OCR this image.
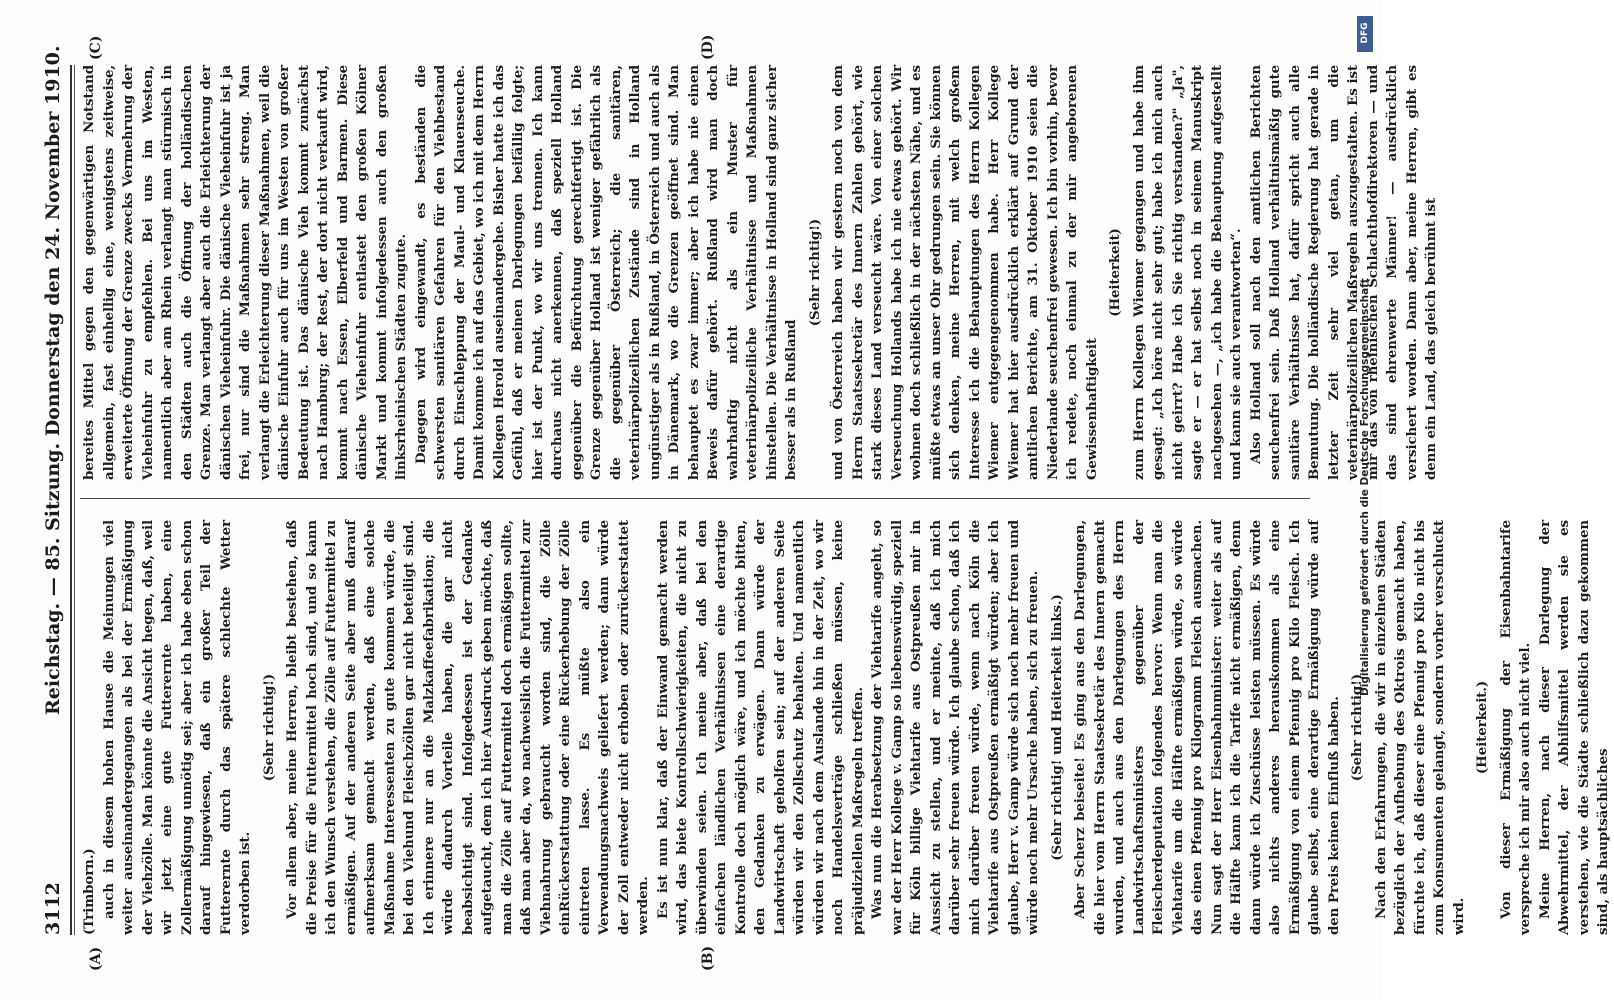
3112
Reichstag. — 85. Sitzung. Donnerstag den 24. November 1910.

(Trimborn.) auch in diesem hohen Hause die Meinungen viel weiter auseinandergegangen als bei der Ermäßigung der Viehzölle. Man könnte die Ansicht hegen, daß, weil wir jetzt eine gute Futterernte haben, eine Zollermäßigung unnötig sei; aber ich habe eben schon darauf hingewiesen, daß ein großer Teil der Futterernte durch das spätere schlechte Wetter verdorben ist.

(Sehr richtig!) Vor allem aber, meine Herren, bleibt bestehen, daß die Preise für die Futtermittel hoch sind, und so kann ich den Wunsch verstehen, die Zölle auf Futtermittel zu ermäßigen. Auf der anderen Seite aber muß darauf aufmerksam gemacht werden, daß eine solche Maßnahme Interessenten zu gute kommen würde, die bei den Viehund Fleischzöllen gar nicht beteiligt sind. Ich erinnere nur an die Malzkaffeefabrikation; die würde dadurch Vorteile haben, die gar nicht beabsichtigt sind. Infolgedessen ist der Gedanke aufgetaucht, dem ich hier Ausdruck geben möchte, daß man die Zölle auf Futtermittel doch ermäßigen sollte, daß man aber da, wo nachweislich die Futtermittel zur Viehnahrung gebraucht worden sind, die Zölle einRückerstattung oder eine Rückerhebung der Zölle eintreten lasse. Es müßte also ein Verwendungsnachweis geliefert werden; dann würde der Zoll entweder nicht erhoben oder zurückerstattet werden. Es ist nun klar, daß der Einwand gemacht werden wird, das biete Kontrollschwierigkeiten, die nicht zu überwinden seien. Ich meine aber, daß bei den einfachen ländlichen Verhältnissen eine derartige Kontrolle doch möglich wäre, und ich möchte bitten, den Gedanken zu erwägen. Dann würde der Landwirtschaft geholfen sein; auf der anderen Seite würden wir den Zollschutz behalten. Und namentlich würden wir nach dem Auslande hin in der Zeit, wo wir noch Handelsverträge schließen müssen, keine präjudiziellen Maßregeln treffen. Was nun die Herabsetzung der Viehtarife angeht, so war der Herr Kollege v. Gamp so liebenswürdig, speziell für Köln billige Viehtarife aus Ostpreußen mir in Aussicht zu stellen, und er meinte, daß ich mich darüber sehr freuen würde. Ich glaube schon, daß ich mich darüber freuen würde, wenn nach Köln die Viehtarife aus Ostpreußen ermäßigt würden; aber ich glaube, Herr v. Gamp würde sich noch mehr freuen und würde noch mehr Ursache haben, sich zu freuen. (Sehr richtig! und Heiterkeit links.) Aber Scherz beiseite! Es ging aus den Darlegungen, die hier vom Herrn Staatssekretär des Innern gemacht wurden, und auch aus den Darlegungen des Herrn Landwirtschaftsministers gegenüber der Fleischerdeputation folgendes hervor: Wenn man die Viehtarife um die Hälfte ermäßigen würde, so würde das einen Pfennig pro Kilogramm Fleisch ausmachen. Nun sagt der Herr Eisenbahnminister: weiter als auf die Hälfte kann ich die Tarife nicht ermäßigen, denn dann würde ich Zuschüsse leisten müssen. Es würde also nichts anderes herauskommen als eine Ermäßigung von einem Pfennig pro Kilo Fleisch. Ich glaube selbst, eine derartige Ermäßigung würde auf den Preis keinen Einfluß haben. (Sehr richtig!) Nach den Erfahrungen, die wir in einzelnen Städten bezüglich der Aufhebung des Oktrois gemacht haben, fürchte ich, daß dieser eine Pfennig pro Kilo nicht bis zum Konsumenten gelangt, sondern vorher verschluckt wird.

(Heiterkeit.) Von dieser Ermäßigung der Eisenbahntarife verspreche ich mir also auch nicht viel. Meine Herren, nach dieser Darlegung der Abwehrmittel, der Abhilfsmittel werden sie es verstehen, wie die Städte schließlich dazu gekommen sind, als hauptsächliches

bereites Mittel gegen den gegenwärtigen Notstand allgemein, fast einhellig eine, wenigstens zeitweise, erweiterte Öffnung der Grenze zwecks Vermehrung der Vieheinfuhr zu empfehlen. Bei uns im Westen, namentlich aber am Rhein verlangt man stürmisch in den Städten auch die Öffnung der holländischen Grenze. Man verlangt aber auch die Erleichterung der dänischen Vieheinfuhr. Die dänische Vieheinfuhr ist ja frei, nur sind die Maßnahmen sehr streng. Man verlangt die Erleichterung dieser Maßnahmen, weil die dänische Einfuhr auch für uns im Westen von großer Bedeutung ist. Das dänische Vieh kommt zunächst nach Hamburg; der Rest, der dort nicht verkauft wird, kommt nach Essen, Elberfeld und Barmen. Diese dänische Vieheinfuhr entlastet den großen Kölner Markt und kommt infolgedessen auch den großen linksrheinischen Städten zugute. Dagegen wird eingewandt, es beständen die schwersten sanitären Gefahren für den Viehbestand durch Einschleppung der Maul- und Klauenseuche. Damit komme ich auf das Gebiet, wo ich mit dem Herrn Kollegen Herold auseinandergehe. Bisher hatte ich das Gefühl, daß er meinen Darlegungen beifällig folgte; hier ist der Punkt, wo wir uns trennen. Ich kann durchaus nicht anerkennen, daß speziell Holland gegenüber die Befürchtung gerechtfertigt ist. Die Grenze gegenüber Holland ist weniger gefährlich als die gegenüber Österreich; die sanitären, veterinärpolizeilichen Zustände sind in Holland ungünstiger als in Rußland, in Österreich und auch als in Dänemark, wo die Grenzen geöffnet sind. Man behauptet es zwar immer; aber ich habe nie einen Beweis dafür gehört. Rußland wird man doch wahrhaftig nicht als ein Muster für veterinärpolizeiliche Verhältnisse und Maßnahmen hinstellen. Die Verhältnisse in Holland sind ganz sicher besser als in Rußland

(Sehr richtig!) und von Österreich haben wir gestern noch von dem Herrn Staatssekretär des Innern Zahlen gehört, wie stark dieses Land verseucht wäre. Von einer solchen Verseuchung Hollands habe ich nie etwas gehört. Wir wohnen doch schließlich in der nächsten Nähe, und es müßte etwas an unser Ohr gedrungen sein. Sie können sich denken, meine Herren, mit welch großem Interesse ich die Behauptungen des Herrn Kollegen Wiemer entgegengenommen habe. Herr Kollege Wiemer hat hier ausdrücklich erklärt auf Grund der amtlichen Berichte, am 31. Oktober 1910 seien die Niederlande seuchenfrei gewesen. Ich bin vorhin, bevor ich redete, noch einmal zu der mir angeborenen Gewissenhaftigkeit

(Heiterkeit) zum Herrn Kollegen Wiemer gegangen und habe ihm gesagt: „Ich höre nicht sehr gut; habe ich mich auch nicht geirrt? Habe ich Sie richtig verstanden?" „Ja", sagte er — er hat selbst noch in seinem Manuskript nachgesehen —, „ich habe die Behauptung aufgestellt und kann sie auch verantworten“. Also Holland soll nach den amtlichen Berichten seuchenfrei sein. Daß Holland verhältnismäßig gute sanitäre Verhältnisse hat, dafür spricht auch alle Bemutung. Die holländische Regierung hat gerade in letzter Zeit sehr viel getan, um die veterinärpolizeilichen Maßregeln auszugestalten. Es ist mir das von rheinischen Schlachthofdirektoren — und das sind ehrenwerte Männer! — ausdrücklich versichert worden. Dann aber, meine Herren, gibt es denn ein Land, das gleich berühmt ist

(A)	(B)
(C)	(D)
DFG
Digitalisierung gefördert durch die Deutsche Forschungsgemeinschaft
